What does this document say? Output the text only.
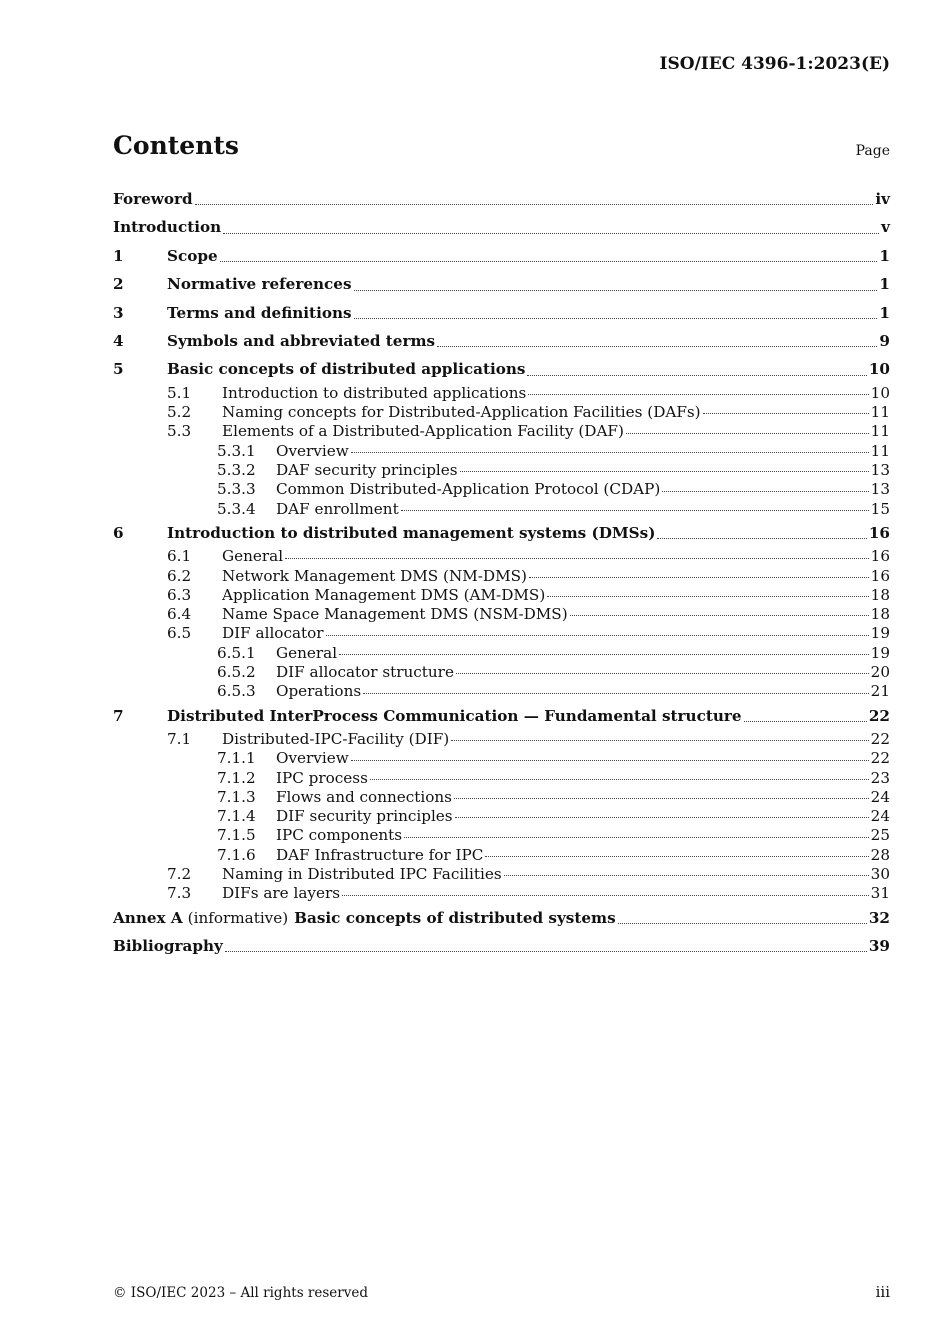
ISO/IEC 4396-1:2023(E)
Contents	Page
Foreword	iv
Introduction	v
1	Scope	1
2	Normative references	1
3	Terms and definitions	1
4	Symbols and abbreviated terms	9
5	Basic concepts of distributed applications	10
5.1	Introduction to distributed applications	10
5.2	Naming concepts for Distributed-Application Facilities (DAFs)	11
5.3	Elements of a Distributed-Application Facility (DAF)	11
5.3.1	Overview	11
5.3.2	DAF security principles	13
5.3.3	Common Distributed-Application Protocol (CDAP)	13
5.3.4	DAF enrollment	15
6	Introduction to distributed management systems (DMSs)	16
6.1	General	16
6.2	Network Management DMS (NM-DMS)	16
6.3	Application Management DMS (AM-DMS)	18
6.4	Name Space Management DMS (NSM-DMS)	18
6.5	DIF allocator	19
6.5.1	General	19
6.5.2	DIF allocator structure	20
6.5.3	Operations	21
7	Distributed InterProcess Communication — Fundamental structure	22
7.1	Distributed-IPC-Facility (DIF)	22
7.1.1	Overview	22
7.1.2	IPC process	23
7.1.3	Flows and connections	24
7.1.4	DIF security principles	24
7.1.5	IPC components	25
7.1.6	DAF Infrastructure for IPC	28
7.2	Naming in Distributed IPC Facilities	30
7.3	DIFs are layers	31
Annex A (informative) Basic concepts of distributed systems	32
Bibliography	39
© ISO/IEC 2023 – All rights reserved	iii
